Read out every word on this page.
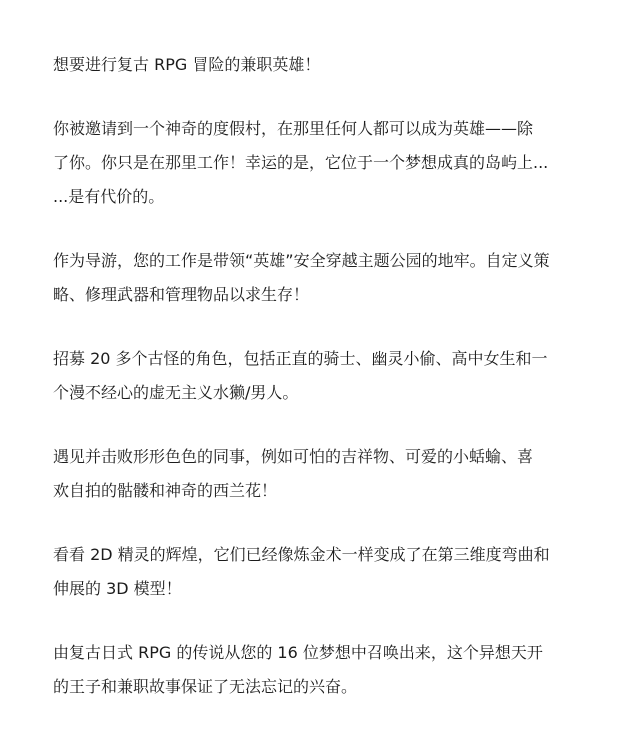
想要进行复古 RPG 冒险的兼职英雄！

你被邀请到一个神奇的度假村，在那里任何人都可以成为英雄——除
了你。你只是在那里工作！幸运的是，它位于一个梦想成真的岛屿上...
...是有代价的。

作为导游，您的工作是带领“英雄”安全穿越主题公园的地牢。自定义策
略、修理武器和管理物品以求生存！

招募 20 多个古怪的角色，包括正直的骑士、幽灵小偷、高中女生和一
个漫不经心的虚无主义水獭/男人。

遇见并击败形形色色的同事，例如可怕的吉祥物、可爱的小蛞蝓、喜
欢自拍的骷髅和神奇的西兰花！

看看 2D 精灵的辉煌，它们已经像炼金术一样变成了在第三维度弯曲和
伸展的 3D 模型！

由复古日式 RPG 的传说从您的 16 位梦想中召唤出来，这个异想天开
的王子和兼职故事保证了无法忘记的兴奋。
